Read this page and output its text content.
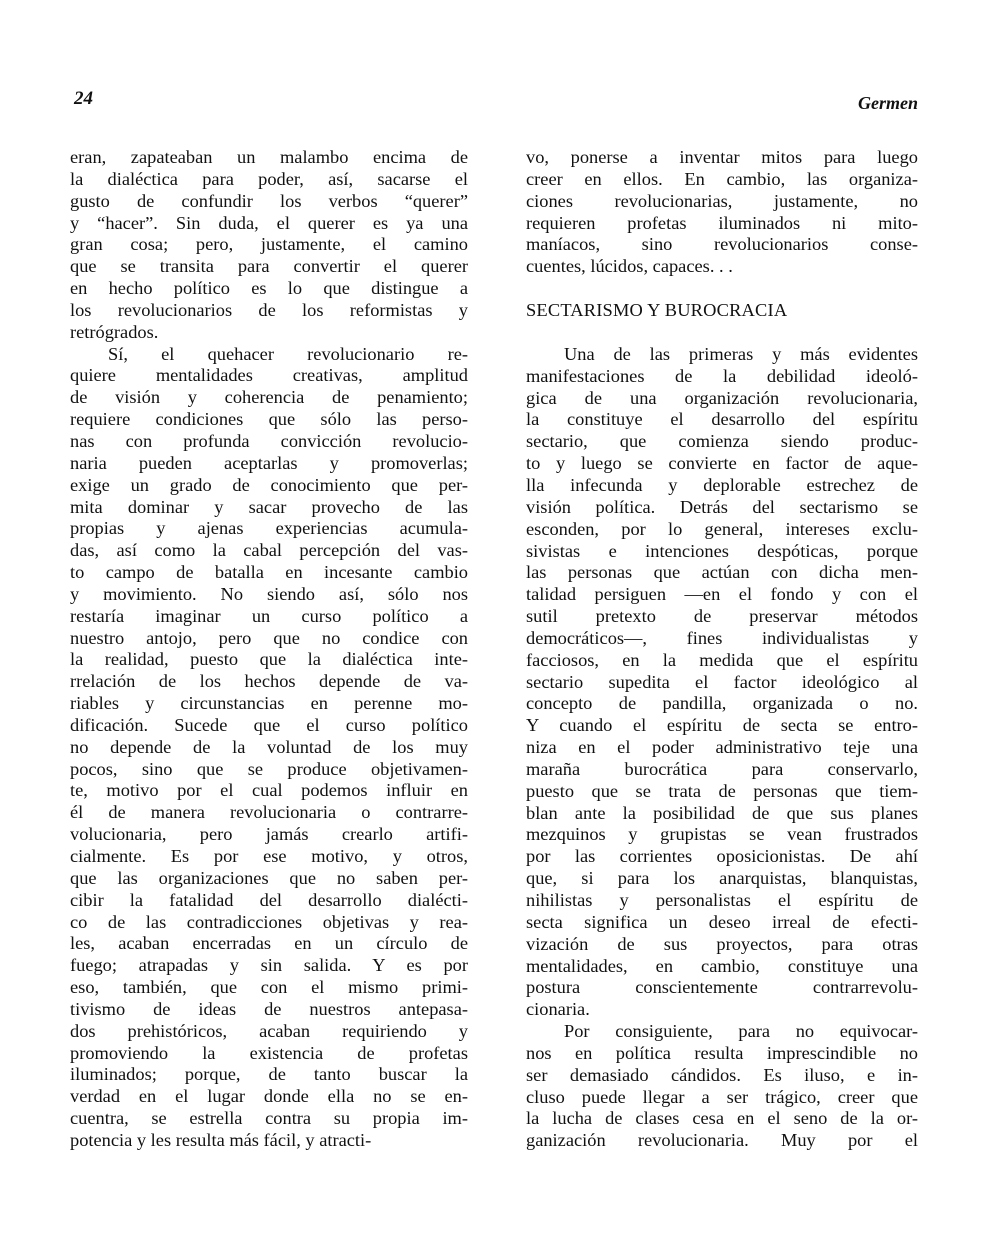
24	Germen
eran, zapateaban un malambo encima de
la dialéctica para poder, así, sacarse el
gusto de confundir los verbos “querer”
y “hacer”. Sin duda, el querer es ya una
gran cosa; pero, justamente, el camino
que se transita para convertir el querer
en hecho político es lo que distingue a
los revolucionarios de los reformistas y
retrógrados.
Sí, el quehacer revolucionario re-
quiere mentalidades creativas, amplitud
de visión y coherencia de penamiento;
requiere condiciones que sólo las perso-
nas con profunda convicción revolucio-
naria pueden aceptarlas y promoverlas;
exige un grado de conocimiento que per-
mita dominar y sacar provecho de las
propias y ajenas experiencias acumula-
das, así como la cabal percepción del vas-
to campo de batalla en incesante cambio
y movimiento. No siendo así, sólo nos
restaría imaginar un curso político a
nuestro antojo, pero que no condice con
la realidad, puesto que la dialéctica inte-
rrelación de los hechos depende de va-
riables y circunstancias en perenne mo-
dificación. Sucede que el curso político
no depende de la voluntad de los muy
pocos, sino que se produce objetivamen-
te, motivo por el cual podemos influir en
él de manera revolucionaria o contrarre-
volucionaria, pero jamás crearlo artifi-
cialmente. Es por ese motivo, y otros,
que las organizaciones que no saben per-
cibir la fatalidad del desarrollo dialécti-
co de las contradicciones objetivas y rea-
les, acaban encerradas en un círculo de
fuego; atrapadas y sin salida. Y es por
eso, también, que con el mismo primi-
tivismo de ideas de nuestros antepasa-
dos prehistóricos, acaban requiriendo y
promoviendo la existencia de profetas
iluminados; porque, de tanto buscar la
verdad en el lugar donde ella no se en-
cuentra, se estrella contra su propia im-
potencia y les resulta más fácil, y atracti-
vo, ponerse a inventar mitos para luego
creer en ellos. En cambio, las organiza-
ciones revolucionarias, justamente, no
requieren profetas iluminados ni mito-
maníacos, sino revolucionarios conse-
cuentes, lúcidos, capaces. . .
SECTARISMO Y BUROCRACIA
Una de las primeras y más evidentes
manifestaciones de la debilidad ideoló-
gica de una organización revolucionaria,
la constituye el desarrollo del espíritu
sectario, que comienza siendo produc-
to y luego se convierte en factor de aque-
lla infecunda y deplorable estrechez de
visión política. Detrás del sectarismo se
esconden, por lo general, intereses exclu-
sivistas e intenciones despóticas, porque
las personas que actúan con dicha men-
talidad persiguen —en el fondo y con el
sutil pretexto de preservar métodos
democráticos—, fines individualistas y
facciosos, en la medida que el espíritu
sectario supedita el factor ideológico al
concepto de pandilla, organizada o no.
Y cuando el espíritu de secta se entro-
niza en el poder administrativo teje una
maraña burocrática para conservarlo,
puesto que se trata de personas que tiem-
blan ante la posibilidad de que sus planes
mezquinos y grupistas se vean frustrados
por las corrientes oposicionistas. De ahí
que, si para los anarquistas, blanquistas,
nihilistas y personalistas el espíritu de
secta significa un deseo irreal de efecti-
vización de sus proyectos, para otras
mentalidades, en cambio, constituye una
postura conscientemente contrarrevolu-
cionaria.
Por consiguiente, para no equivocar-
nos en política resulta imprescindible no
ser demasiado cándidos. Es iluso, e in-
cluso puede llegar a ser trágico, creer que
la lucha de clases cesa en el seno de la or-
ganización revolucionaria. Muy por el
